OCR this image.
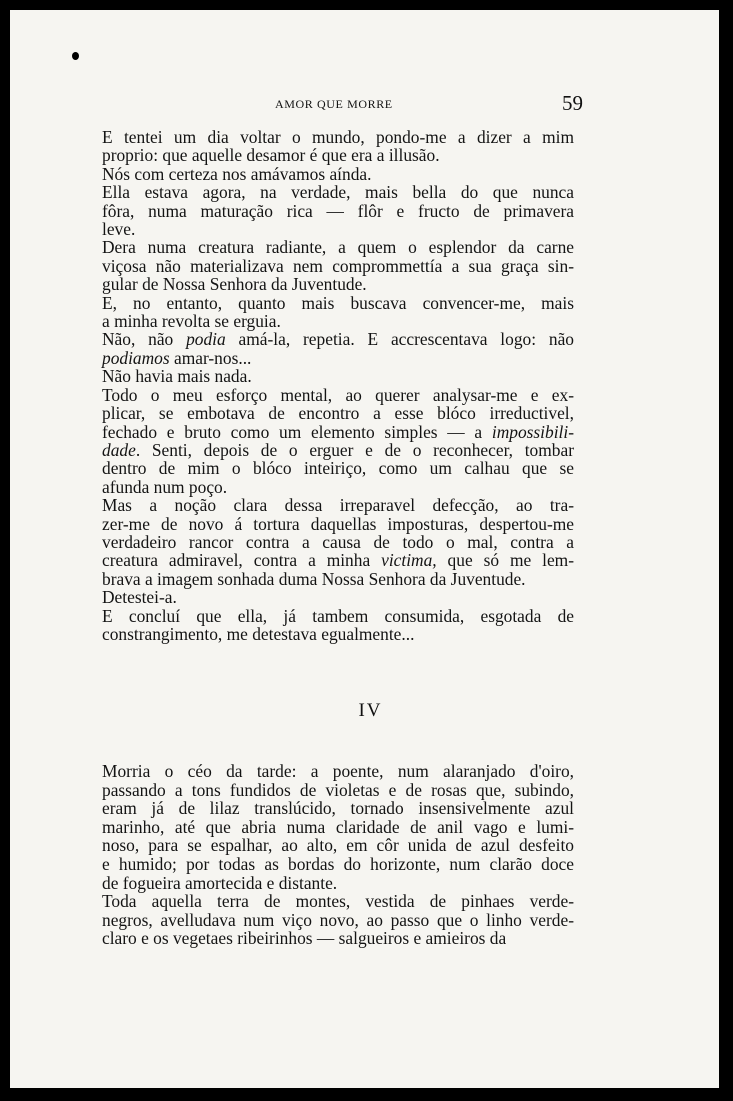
AMOR QUE MORRE	59

E tentei um dia voltar o mundo, pondo-me a dizer a mim
proprio: que aquelle desamor é que era a illusão.

Nós com certeza nos amávamos aínda.

Ella estava agora, na verdade, mais bella do que nunca
fôra, numa maturação rica — flôr e fructo de primavera
leve.

Dera numa creatura radiante, a quem o esplendor da carne
viçosa não materializava nem comprommettía a sua graça sin-
gular de Nossa Senhora da Juventude.

E, no entanto, quanto mais buscava convencer-me, mais
a minha revolta se erguia.

Não, não podia amá-la, repetia. E accrescentava logo: não
podiamos amar-nos...

Não havia mais nada.

Todo o meu esforço mental, ao querer analysar-me e ex-
plicar, se embotava de encontro a esse blóco irreductivel,
fechado e bruto como um elemento simples — a impossibili-
dade. Senti, depois de o erguer e de o reconhecer, tombar
dentro de mim o blóco inteiriço, como um calhau que se
afunda num poço.

Mas a noção clara dessa irreparavel defecção, ao tra-
zer-me de novo á tortura daquellas imposturas, despertou-me
verdadeiro rancor contra a causa de todo o mal, contra a
creatura admiravel, contra a minha victima, que só me lem-
brava a imagem sonhada duma Nossa Senhora da Juventude.

Detestei-a.

E concluí que ella, já tambem consumida, esgotada de
constrangimento, me detestava egualmente...

IV

Morria o céo da tarde: a poente, num alaranjado d'oiro,
passando a tons fundidos de violetas e de rosas que, subindo,
eram já de lilaz translúcido, tornado insensivelmente azul
marinho, até que abria numa claridade de anil vago e lumi-
noso, para se espalhar, ao alto, em côr unida de azul desfeito
e humido; por todas as bordas do horizonte, num clarão doce
de fogueira amortecida e distante.

Toda aquella terra de montes, vestida de pinhaes verde-
negros, avelludava num viço novo, ao passo que o linho verde-
claro e os vegetaes ribeirinhos — salgueiros e amieiros da
